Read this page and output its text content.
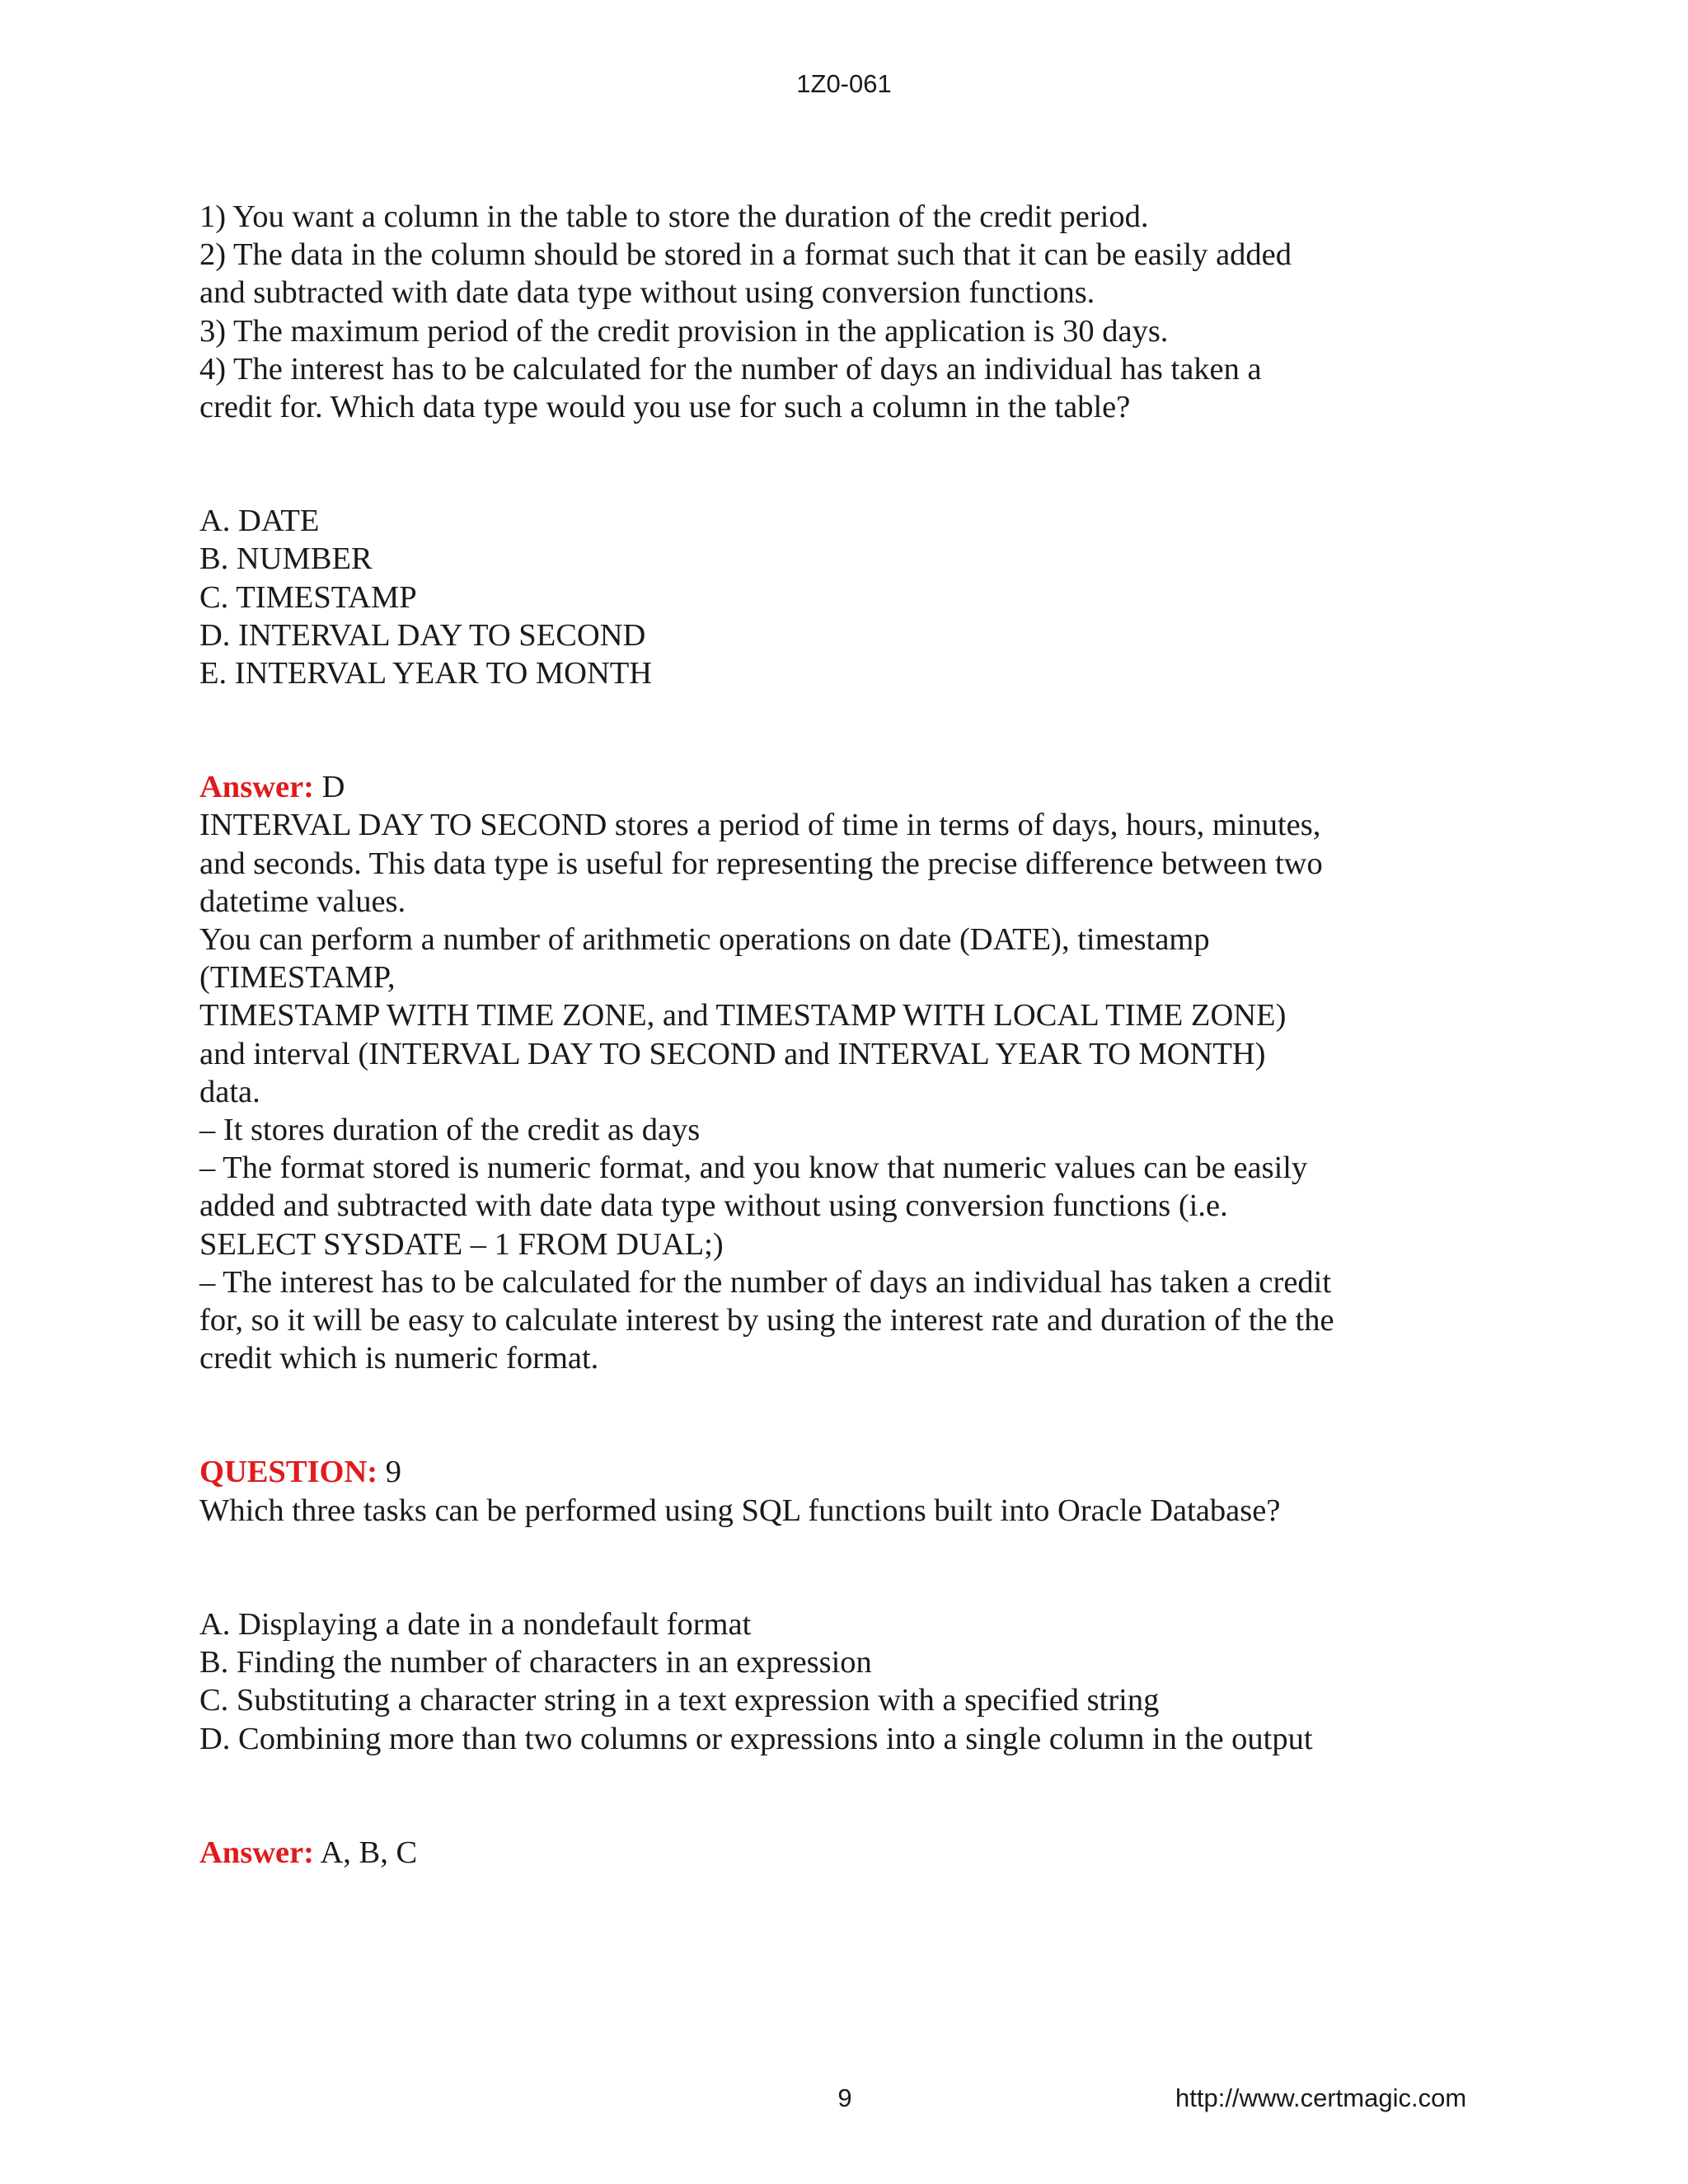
1Z0-061
1) You want a column in the table to store the duration of the credit period.
2) The data in the column should be stored in a format such that it can be easily added
and subtracted with date data type without using conversion functions.
3) The maximum period of the credit provision in the application is 30 days.
4) The interest has to be calculated for the number of days an individual has taken a
credit for. Which data type would you use for such a column in the table?
A. DATE
B. NUMBER
C. TIMESTAMP
D. INTERVAL DAY TO SECOND
E. INTERVAL YEAR TO MONTH
Answer: D
INTERVAL DAY TO SECOND stores a period of time in terms of days, hours, minutes,
and seconds. This data type is useful for representing the precise difference between two
datetime values.
You can perform a number of arithmetic operations on date (DATE), timestamp
(TIMESTAMP,
TIMESTAMP WITH TIME ZONE, and TIMESTAMP WITH LOCAL TIME ZONE)
and interval (INTERVAL DAY TO SECOND and INTERVAL YEAR TO MONTH)
data.
– It stores duration of the credit as days
– The format stored is numeric format, and you know that numeric values can be easily
added and subtracted with date data type without using conversion functions (i.e.
SELECT SYSDATE – 1 FROM DUAL;)
– The interest has to be calculated for the number of days an individual has taken a credit
for, so it will be easy to calculate interest by using the interest rate and duration of the the
credit which is numeric format.
QUESTION: 9
Which three tasks can be performed using SQL functions built into Oracle Database?
A. Displaying a date in a nondefault format
B. Finding the number of characters in an expression
C. Substituting a character string in a text expression with a specified string
D. Combining more than two columns or expressions into a single column in the output
Answer: A, B, C
9	http://www.certmagic.com
